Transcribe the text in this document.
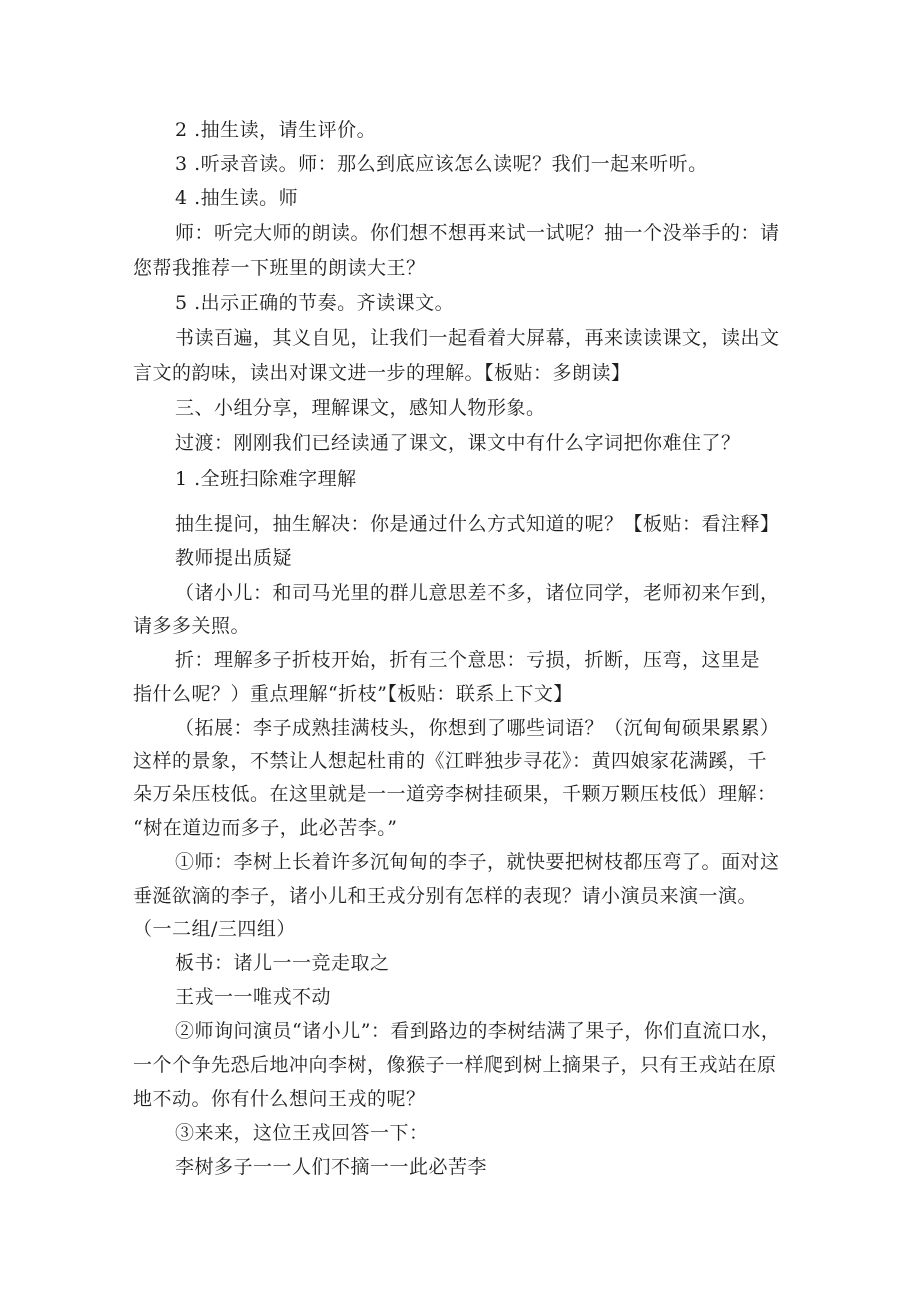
2 .抽生读，请生评价。
3 .听录音读。师：那么到底应该怎么读呢？我们一起来听听。
4 .抽生读。师
师：听完大师的朗读。你们想不想再来试一试呢？抽一个没举手的：请
您帮我推荐一下班里的朗读大王？
5 .出示正确的节奏。齐读课文。
书读百遍，其义自见，让我们一起看着大屏幕，再来读读课文，读出文
言文的韵味，读出对课文进一步的理解。【板贴：多朗读】
三、小组分享，理解课文，感知人物形象。
过渡：刚刚我们已经读通了课文，课文中有什么字词把你难住了？
1 .全班扫除难字理解
抽生提问，抽生解决：你是通过什么方式知道的呢？【板贴：看注释】
教师提出质疑
（诸小儿：和司马光里的群儿意思差不多，诸位同学，老师初来乍到，
请多多关照。
折：理解多子折枝开始，折有三个意思：亏损，折断，压弯，这里是
指什么呢？）重点理解“折枝”【板贴：联系上下文】
（拓展：李子成熟挂满枝头，你想到了哪些词语？（沉甸甸硕果累累）
这样的景象，不禁让人想起杜甫的《江畔独步寻花》：黄四娘家花满蹊，千
朵万朵压枝低。在这里就是一一道旁李树挂硕果，千颗万颗压枝低）理解：
“树在道边而多子，此必苦李。”
①师：李树上长着许多沉甸甸的李子，就快要把树枝都压弯了。面对这
垂涎欲滴的李子，诸小儿和王戎分别有怎样的表现？请小演员来演一演。
（一二组/三四组）
板书：诸儿一一竞走取之
王戎一一唯戎不动
②师询问演员“诸小儿”：看到路边的李树结满了果子，你们直流口水，
一个个争先恐后地冲向李树，像猴子一样爬到树上摘果子，只有王戎站在原
地不动。你有什么想问王戎的呢？
③来来，这位王戎回答一下：
李树多子一一人们不摘一一此必苦李
